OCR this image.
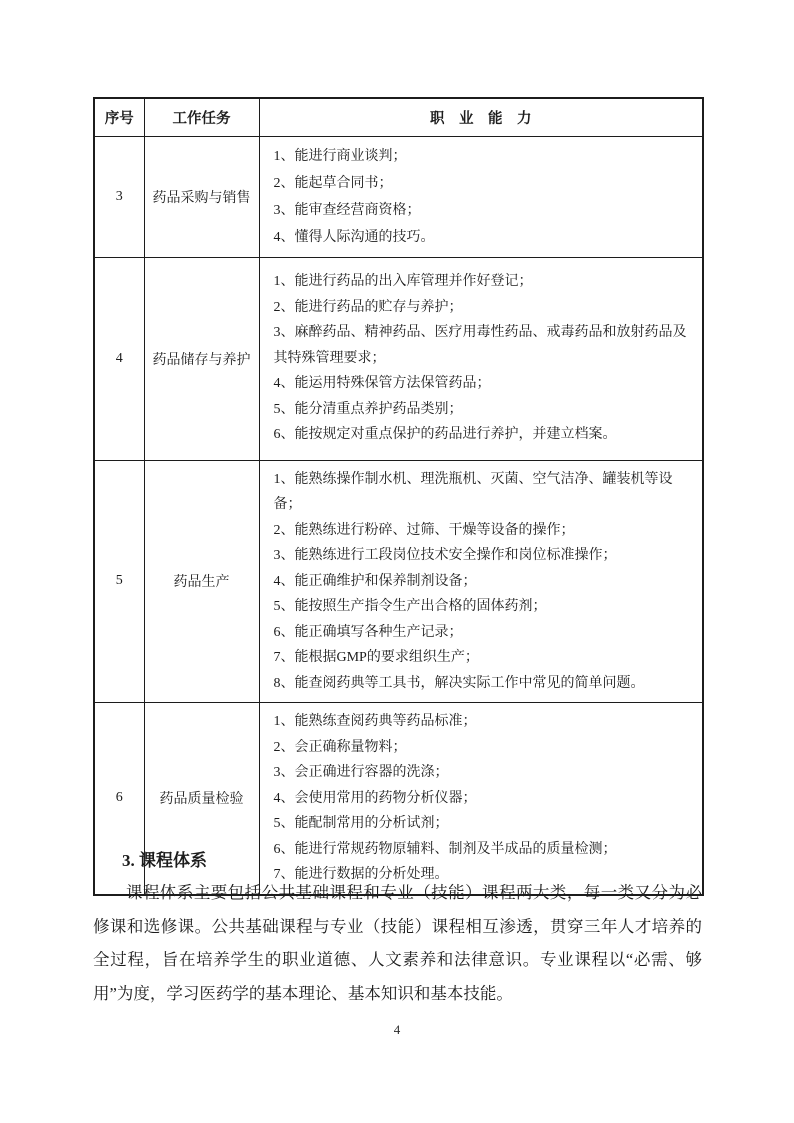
序号	工作任务	职　业　能　力
3	药品采购与销售	1、能进行商业谈判；
2、能起草合同书；
3、能审查经营商资格；
4、懂得人际沟通的技巧。

4	药品储存与养护	
1、能进行药品的出入库管理并作好登记；
2、能进行药品的贮存与养护；
3、麻醉药品、精神药品、医疗用毒性药品、戒毒药品和放射药品及其特殊管理要求；
4、能运用特殊保管方法保管药品；
5、能分清重点养护药品类别；
6、能按规定对重点保护的药品进行养护，并建立档案。

5	药品生产	
1、能熟练操作制水机、理洗瓶机、灭菌、空气洁净、罐装机等设备；
2、能熟练进行粉碎、过筛、干燥等设备的操作；
3、能熟练进行工段岗位技术安全操作和岗位标准操作；
4、能正确维护和保养制剂设备；
5、能按照生产指令生产出合格的固体药剂；
6、能正确填写各种生产记录；
7、能根据GMP的要求组织生产；
8、能查阅药典等工具书，解决实际工作中常见的简单问题。

6	药品质量检验	
1、能熟练查阅药典等药品标准；
2、会正确称量物料；
3、会正确进行容器的洗涤；
4、会使用常用的药物分析仪器；
5、能配制常用的分析试剂；
6、能进行常规药物原辅料、制剂及半成品的质量检测；
7、能进行数据的分析处理。
3. 课程体系

课程体系主要包括公共基础课程和专业（技能）课程两大类，每一类又分为必修课和选修课。公共基础课程与专业（技能）课程相互渗透，贯穿三年人才培养的全过程，旨在培养学生的职业道德、人文素养和法律意识。专业课程以“必需、够用”为度，学习医药学的基本理论、基本知识和基本技能。

4
